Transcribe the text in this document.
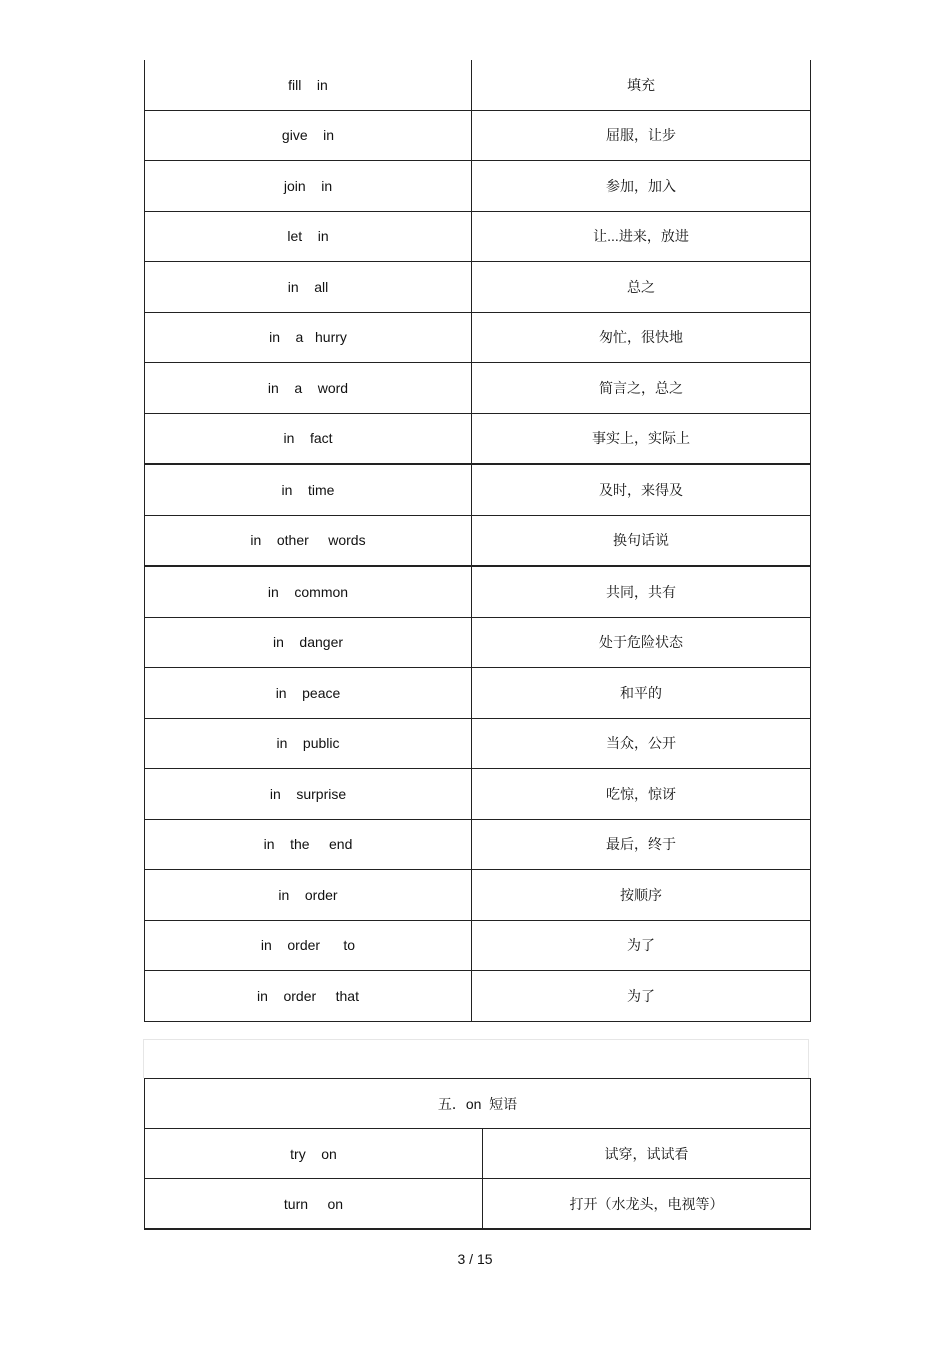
fill    in	填充
give    in	屈服，让步
join    in	参加，加入
let    in	让...进来，放进
in    all	总之
in    a   hurry	匆忙，很快地
in    a    word	简言之，总之
in    fact	事实上，实际上
in    time	及时，来得及
in    other     words	换句话说
in    common	共同，共有
in    danger	处于危险状态
in    peace	和平的
in    public	当众，公开
in    surprise	吃惊，惊讶
in    the     end	最后，终于
in    order	按顺序
in    order      to	为了
in    order     that	为了
五．on  短语	
try    on	试穿，试试看
turn     on	打开（水龙头，电视等）
3 / 15
